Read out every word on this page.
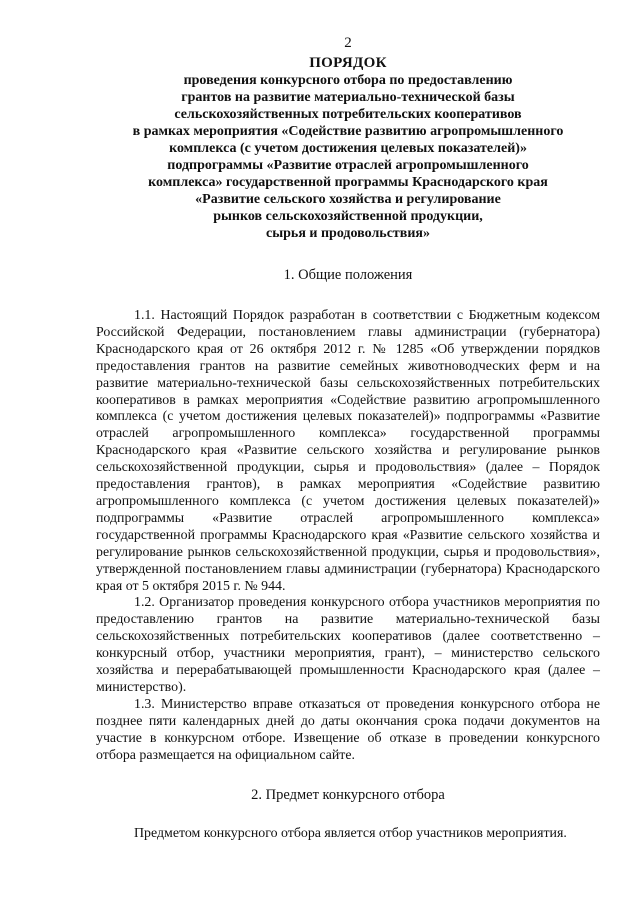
2
ПОРЯДОК
проведения конкурсного отбора по предоставлению
грантов на развитие материально-технической базы
сельскохозяйственных потребительских кооперативов
в рамках мероприятия «Содействие развитию агропромышленного
комплекса (с учетом достижения целевых показателей)»
подпрограммы «Развитие отраслей агропромышленного
комплекса» государственной программы Краснодарского края
«Развитие сельского хозяйства и регулирование
рынков сельскохозяйственной продукции,
сырья и продовольствия»
1. Общие положения

1.1. Настоящий Порядок разработан в соответствии с Бюджетным кодексом Российской Федерации, постановлением главы администрации (губернатора) Краснодарского края от 26 октября 2012 г. № 1285 «Об утверждении порядков предоставления грантов на развитие семейных животноводческих ферм и на развитие материально-технической базы сельскохозяйственных потребительских кооперативов в рамках мероприятия «Содействие развитию агропромышленного комплекса (с учетом достижения целевых показателей)» подпрограммы «Развитие отраслей агропромышленного комплекса» государственной программы Краснодарского края «Развитие сельского хозяйства и регулирование рынков сельскохозяйственной продукции, сырья и продовольствия» (далее – Порядок предоставления грантов), в рамках мероприятия «Содействие развитию агропромышленного комплекса (с учетом достижения целевых показателей)» подпрограммы «Развитие отраслей агропромышленного комплекса» государственной программы Краснодарского края «Развитие сельского хозяйства и регулирование рынков сельскохозяйственной продукции, сырья и продовольствия», утвержденной постановлением главы администрации (губернатора) Краснодарского края от 5 октября 2015 г. № 944.

1.2. Организатор проведения конкурсного отбора участников мероприятия по предоставлению грантов на развитие материально-технической базы сельскохозяйственных потребительских кооперативов (далее соответственно – конкурсный отбор, участники мероприятия, грант), – министерство сельского хозяйства и перерабатывающей промышленности Краснодарского края (далее – министерство).

1.3. Министерство вправе отказаться от проведения конкурсного отбора не позднее пяти календарных дней до даты окончания срока подачи документов на участие в конкурсном отборе. Извещение об отказе в проведении конкурсного отбора размещается на официальном сайте.

2. Предмет конкурсного отбора

Предметом конкурсного отбора является отбор участников мероприятия.
